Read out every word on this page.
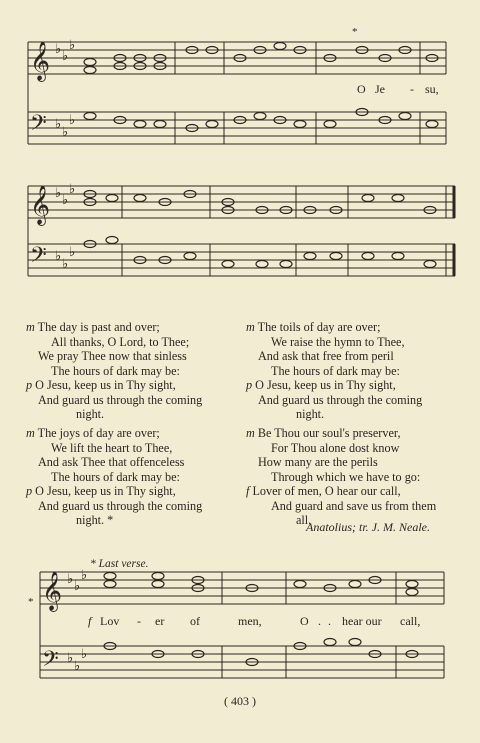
𝄞 ♭ ♭
♭
𝄢 ♭
♭
♭
*
O Je - su,
𝄞 ♭ ♭
♭
𝄢 ♭
♭
♭
m The day is past and over;
All thanks, O Lord, to Thee;
We pray Thee now that sinless
The hours of dark may be:
p O Jesu, keep us in Thy sight,
And guard us through the coming
night.
m The toils of day are over;
We raise the hymn to Thee,
And ask that free from peril
The hours of dark may be:
p O Jesu, keep us in Thy sight,
And guard us through the coming
night.
m The joys of day are over;
We lift the heart to Thee,
And ask Thee that offenceless
The hours of dark may be:
p O Jesu, keep us in Thy sight,
And guard us through the coming
night. *
m Be Thou our soul's preserver,
For Thou alone dost know
How many are the perils
Through which we have to go:
f Lover of men, O hear our call,
And guard and save us from them
all.
Anatolius; tr. J. M. Neale.
* Last verse.
𝄞 ♭ ♭
♭
*
𝄢 ♭
♭
♭
f Lov - er of	men,	O . . hear our call,
( 403 )
